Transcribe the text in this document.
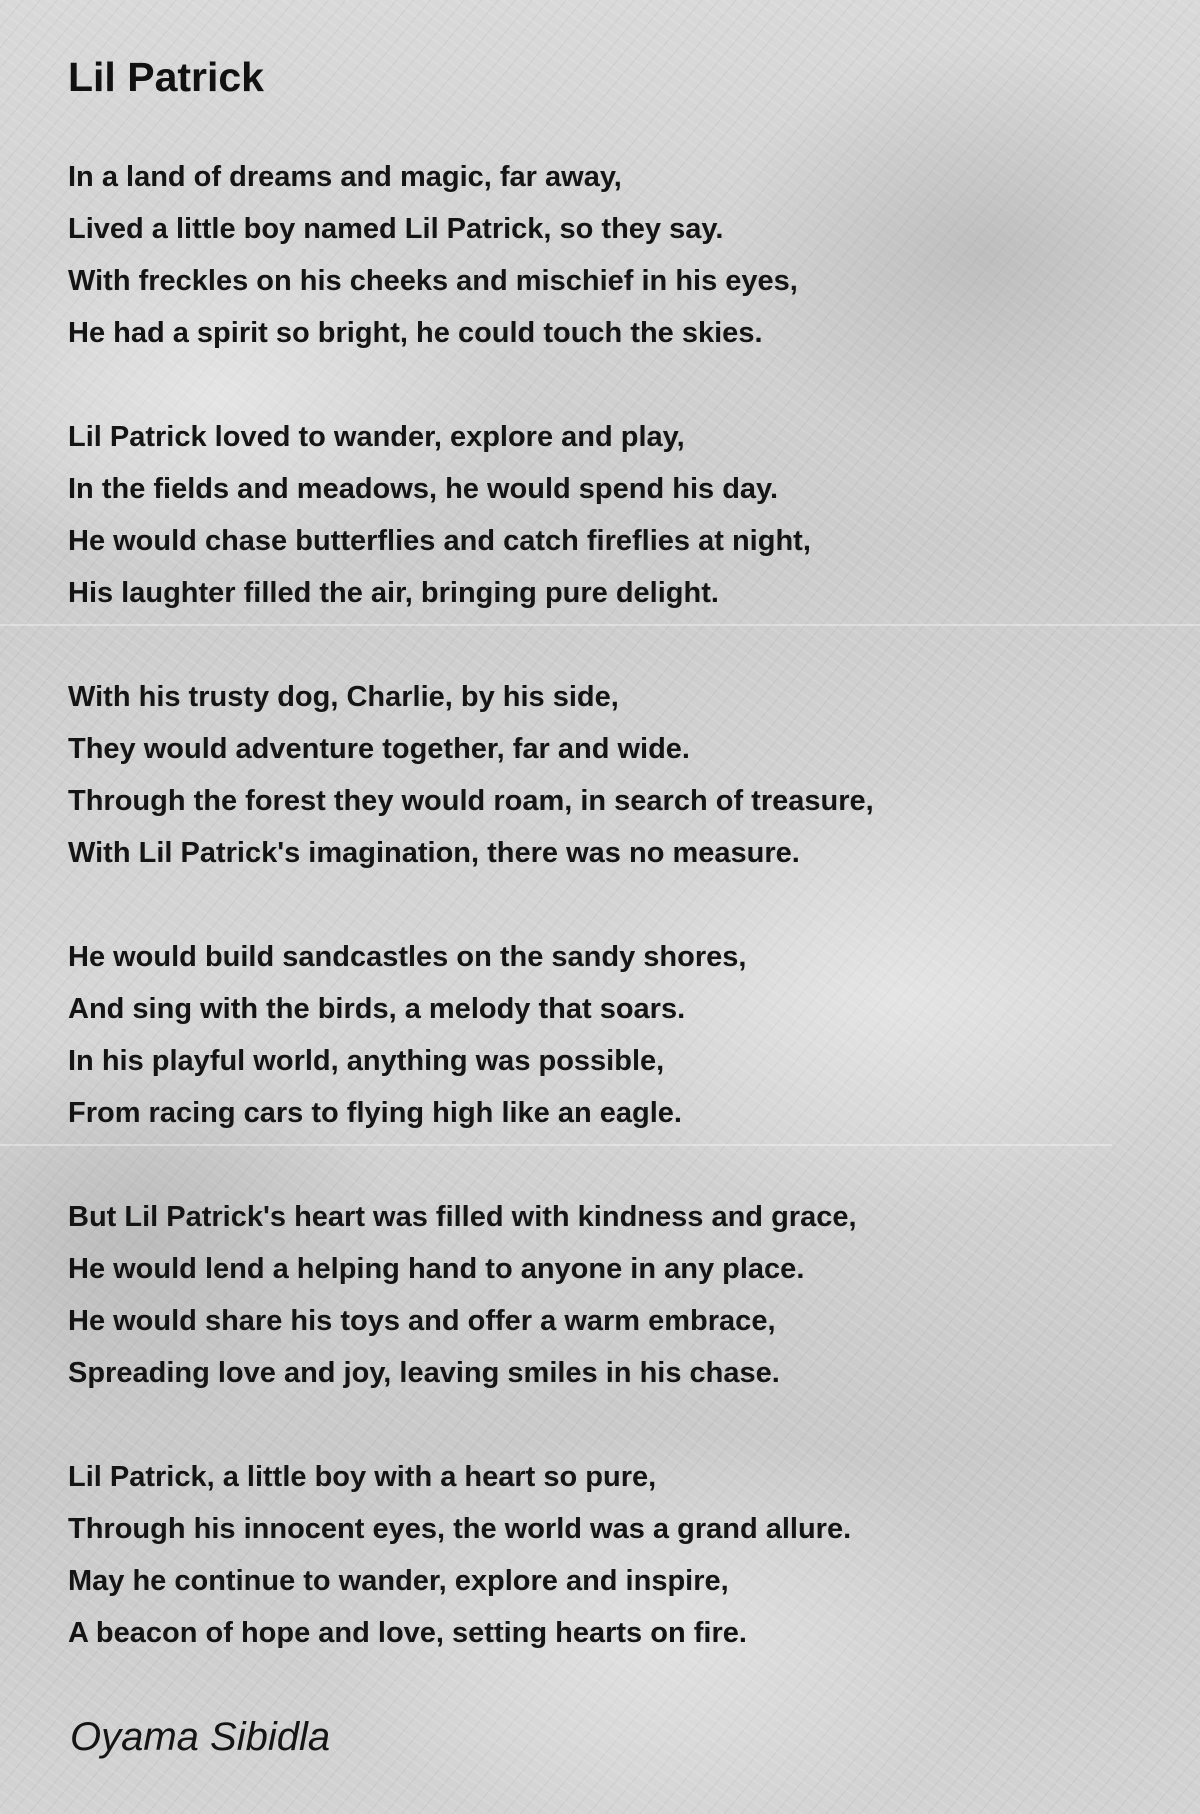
Lil Patrick
In a land of dreams and magic, far away,
Lived a little boy named Lil Patrick, so they say.
With freckles on his cheeks and mischief in his eyes,
He had a spirit so bright, he could touch the skies.
Lil Patrick loved to wander, explore and play,
In the fields and meadows, he would spend his day.
He would chase butterflies and catch fireflies at night,
His laughter filled the air, bringing pure delight.
With his trusty dog, Charlie, by his side,
They would adventure together, far and wide.
Through the forest they would roam, in search of treasure,
With Lil Patrick's imagination, there was no measure.
He would build sandcastles on the sandy shores,
And sing with the birds, a melody that soars.
In his playful world, anything was possible,
From racing cars to flying high like an eagle.
But Lil Patrick's heart was filled with kindness and grace,
He would lend a helping hand to anyone in any place.
He would share his toys and offer a warm embrace,
Spreading love and joy, leaving smiles in his chase.
Lil Patrick, a little boy with a heart so pure,
Through his innocent eyes, the world was a grand allure.
May he continue to wander, explore and inspire,
A beacon of hope and love, setting hearts on fire.
Oyama Sibidla
